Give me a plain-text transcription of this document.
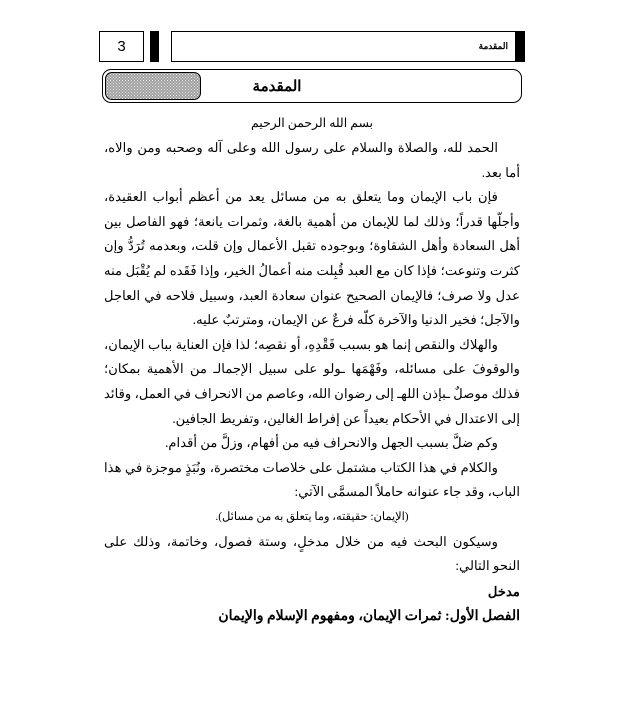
3	المقدمة
المقدمة

بسم الله الرحمن الرحيم

الحمد لله، والصلاة والسلام على رسول الله وعلى آله وصحبه ومن والاه، أما بعد.

فإن باب الإيمان وما يتعلق به من مسائل يعد من أعظم أبواب العقيدة، وأجلّها قدراً؛ وذلك لما للإيمان من أهمية بالغة، وثمرات يانعة؛ فهو الفاصل بين أهل السعادة وأهل الشقاوة؛ وبوجوده تقبل الأعمال وإن قلت، وبعدمه تُرَدُّ وإن كثرت وتنوعت؛ فإذا كان مع العبد قُبِلت منه أعمالُ الخير، وإذا فَقَده لم يُقْبَل منه عدل ولا صرف؛ فالإيمان الصحيح عنوان سعادة العبد، وسبيل فلاحه في العاجل والآجل؛ فخير الدنيا والآخرة كلّه فرعٌ عن الإيمان، ومترتبٌ عليه.

والهلاك والنقص إنما هو بسبب فَقْدِهِ، أو نقصِه؛ لذا فإن العناية بباب الإيمان، والوقوفَ على مسائله، وفَهْمَها ـولو على سبيل الإجمالـ من الأهمية بمكان؛ فذلك موصلٌ ـبإذن اللهـ إلى رضوان الله، وعاصم من الانحراف في العمل، وقائد إلى الاعتدال في الأحكام بعيداً عن إفراط الغالين، وتفريط الجافين.

وكم ضلَّ بسبب الجهل والانحراف فيه من أفهام، وزلَّ من أقدام.

والكلام في هذا الكتاب مشتمل على خلاصات مختصرة، ونُبَذٍ موجزة في هذا الباب، وقد جاء عنوانه حاملاً المسمَّى الآتي:

(الإيمان: حقيقته، وما يتعلق به من مسائل).

وسيكون البحث فيه من خلال مدخلٍ، وستة فصول، وخاتمة، وذلك على النحو التالي:

مدخل

الفصل الأول: ثمرات الإيمان، ومفهوم الإسلام والإيمان
